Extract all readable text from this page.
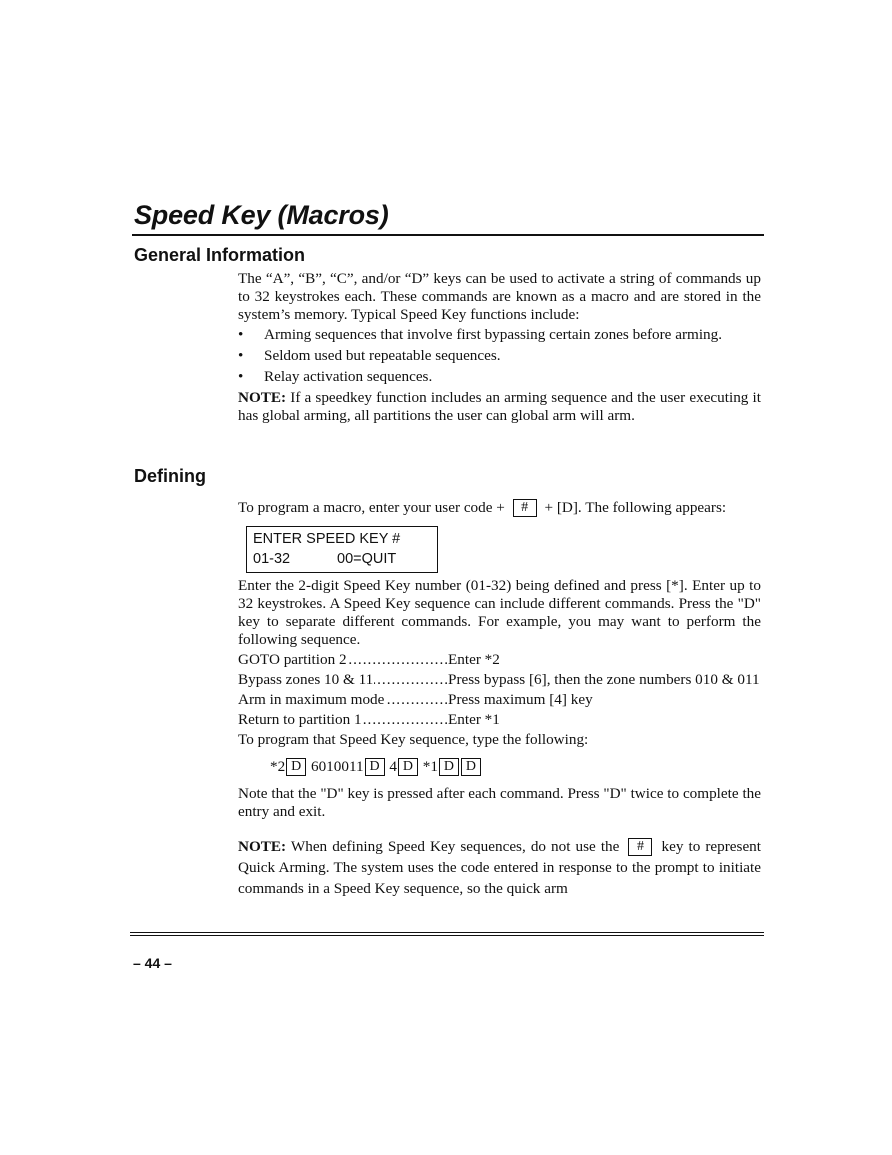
Speed Key (Macros)
General Information

The “A”, “B”, “C”, and/or “D” keys can be used to activate a string of commands up to 32 keystrokes each. These commands are known as a macro and are stored in the system’s memory. Typical Speed Key functions include:

• Arming sequences that involve first bypassing certain zones before arming.
• Seldom used but repeatable sequences.
• Relay activation sequences.

NOTE: If a speedkey function includes an arming sequence and the user executing it has global arming, all partitions the user can global arm will arm.

Defining

To program a macro, enter your user code + # + [D]. The following appears:

ENTER SPEED KEY #
01-32	00=QUIT

Enter the 2-digit Speed Key number (01-32) being defined and press [*]. Enter up to 32 keystrokes. A Speed Key sequence can include different commands. Press the "D" key to separate different commands. For example, you may want to perform the following sequence.

GOTO partition 2 .....	Enter *2
Bypass zones 10 & 11 .....	Press bypass [6], then the zone numbers 010 & 011
Arm in maximum mode .....	Press maximum [4] key
Return to partition 1 .....	Enter *1

To program that Speed Key sequence, type the following:

*2 D 6010011 D 4 D *1 D D

Note that the "D" key is pressed after each command. Press "D" twice to complete the entry and exit.

NOTE: When defining Speed Key sequences, do not use the # key to represent Quick Arming. The system uses the code entered in response to the prompt to initiate commands in a Speed Key sequence, so the quick arm

– 44 –
